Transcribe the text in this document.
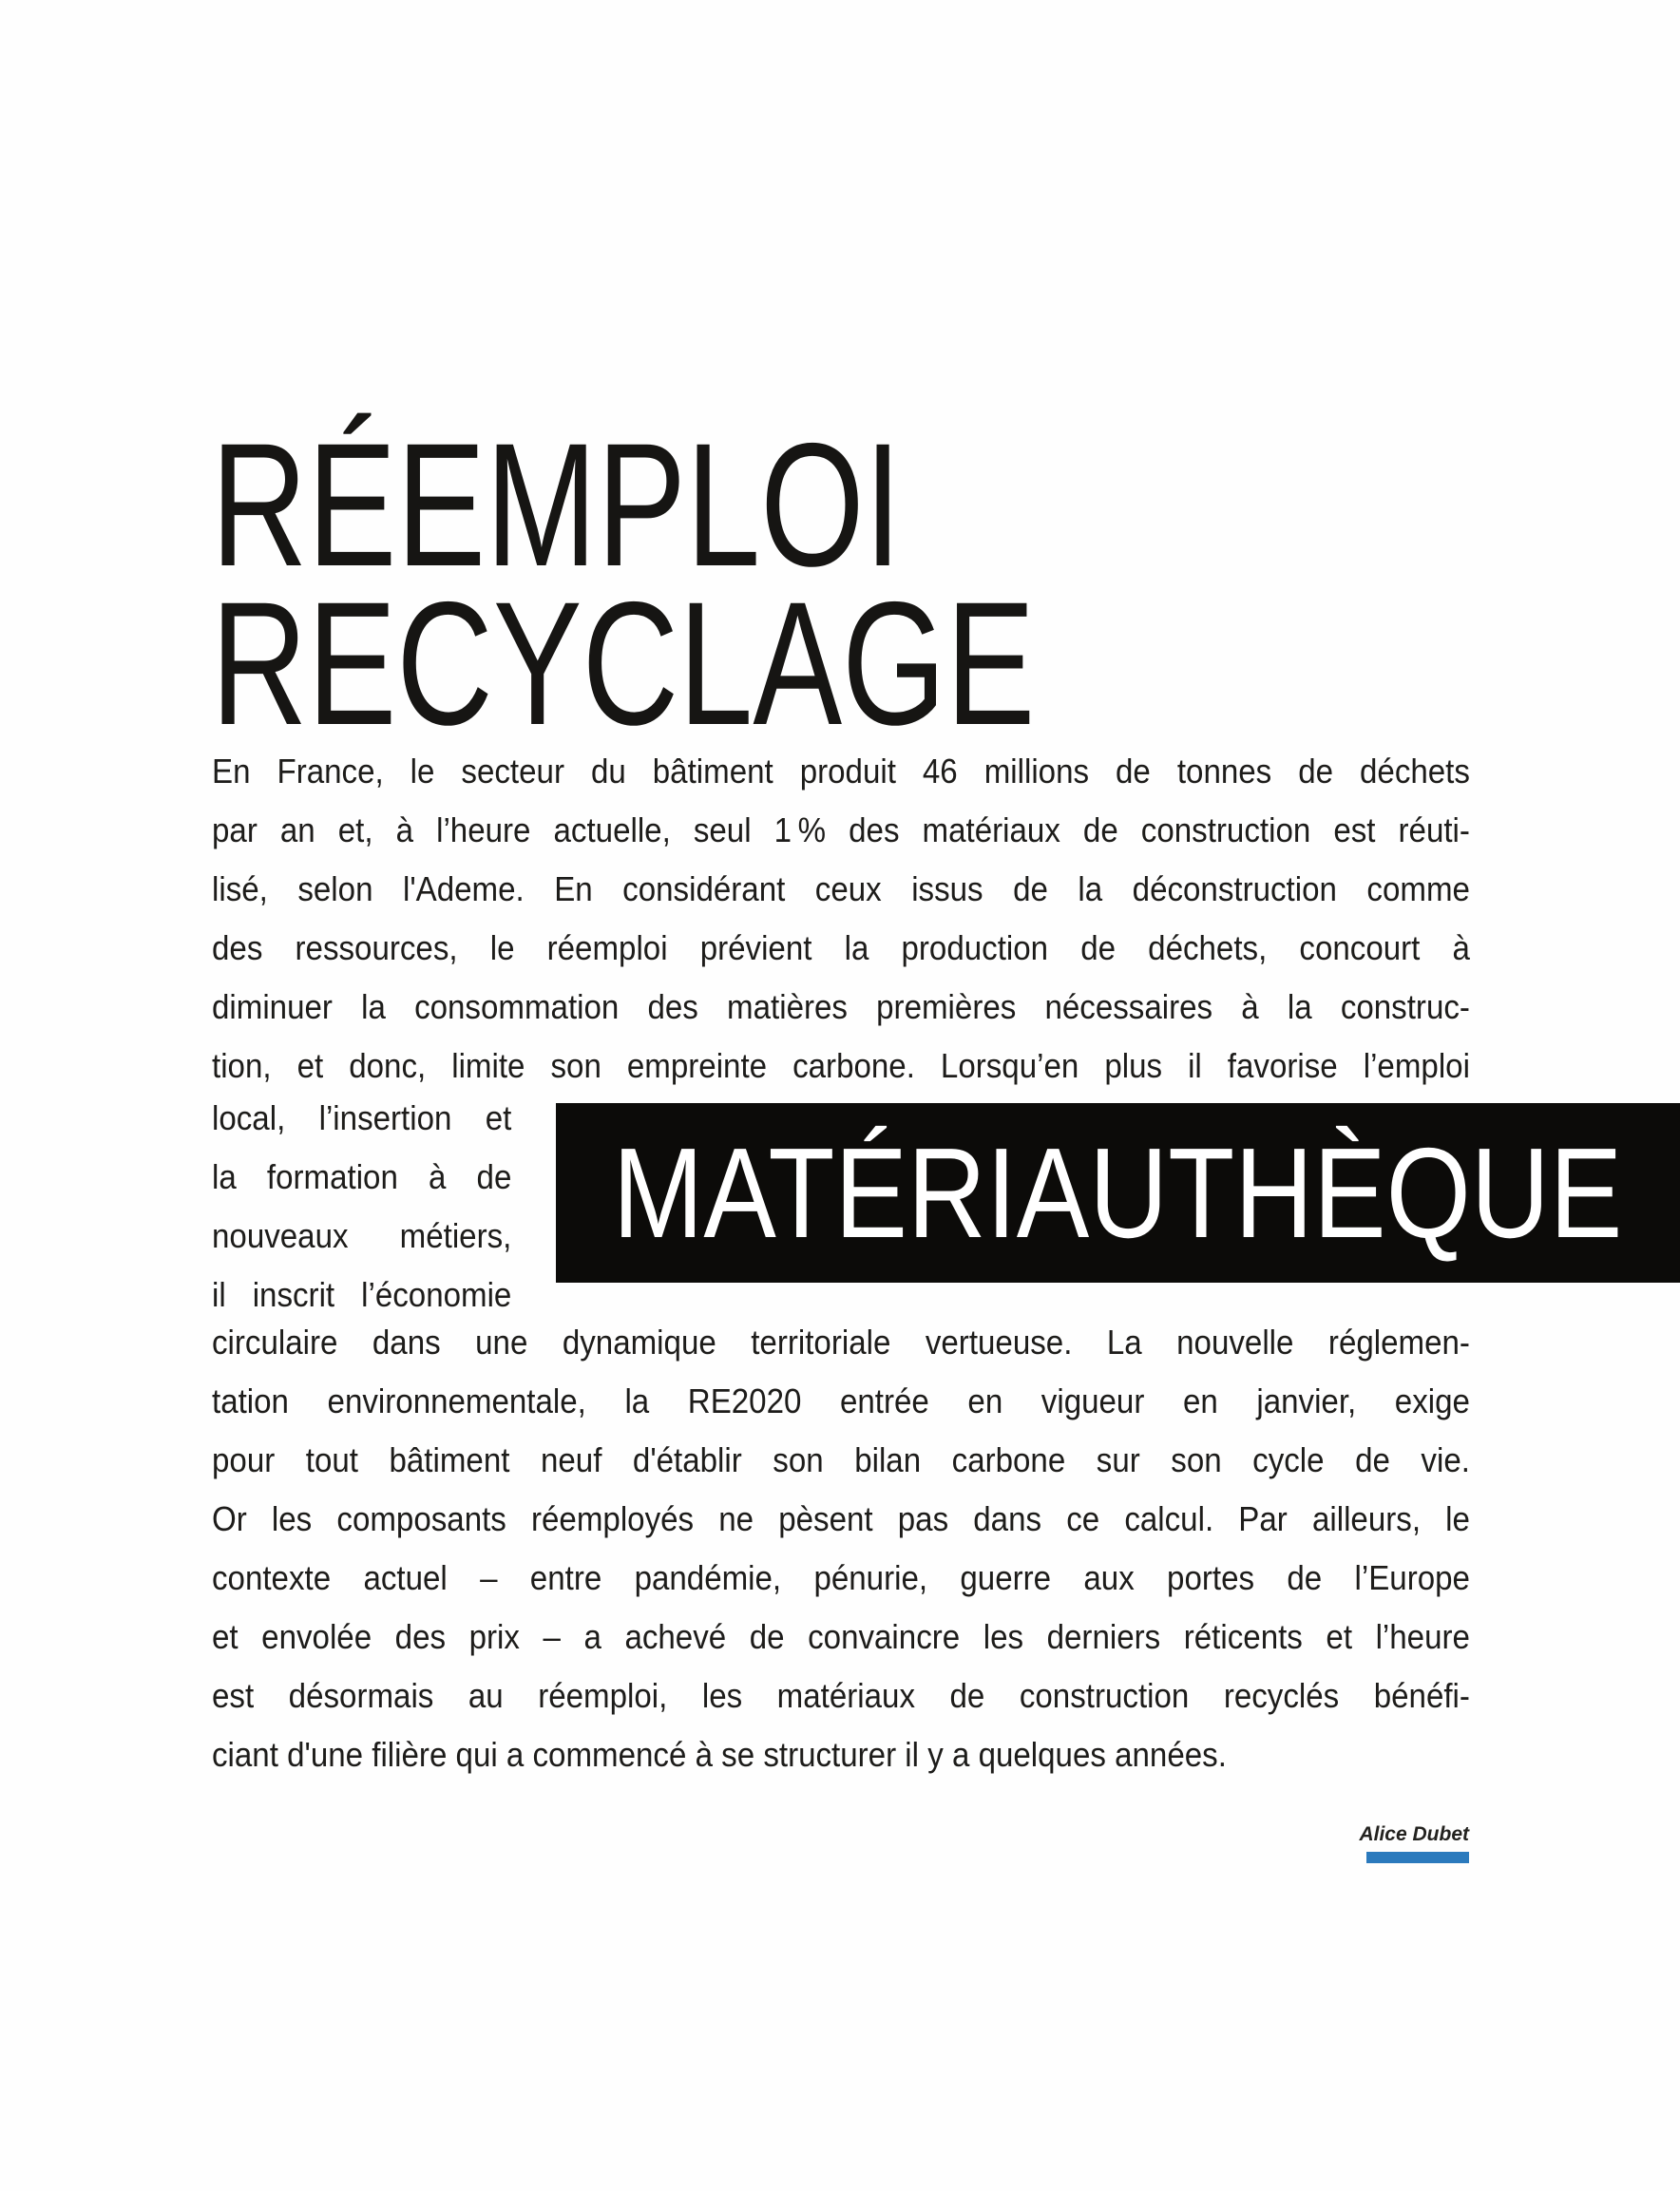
RÉEMPLOI
RECYCLAGE
En France, le secteur du bâtiment produit 46 millions de tonnes de déchets
par an et, à l’heure actuelle, seul 1 % des matériaux de construction est réuti-
lisé, selon l'Ademe. En considérant ceux issus de la déconstruction comme
des ressources, le réemploi prévient la production de déchets, concourt à
diminuer la consommation des matières premières nécessaires à la construc-
tion, et donc, limite son empreinte carbone. Lorsqu’en plus il favorise l’emploi
local, l’insertion et
la formation à de
nouveaux métiers,
il inscrit l’économie
MATÉRIAUTHÈQUE
circulaire dans une dynamique territoriale vertueuse. La nouvelle réglemen-
tation environnementale, la RE2020 entrée en vigueur en janvier, exige
pour tout bâtiment neuf d'établir son bilan carbone sur son cycle de vie.
Or les composants réemployés ne pèsent pas dans ce calcul. Par ailleurs, le
contexte actuel – entre pandémie, pénurie, guerre aux portes de l’Europe
et envolée des prix – a achevé de convaincre les derniers réticents et l’heure
est désormais au réemploi, les matériaux de construction recyclés bénéfi-
ciant d'une filière qui a commencé à se structurer il y a quelques années.
Alice Dubet
